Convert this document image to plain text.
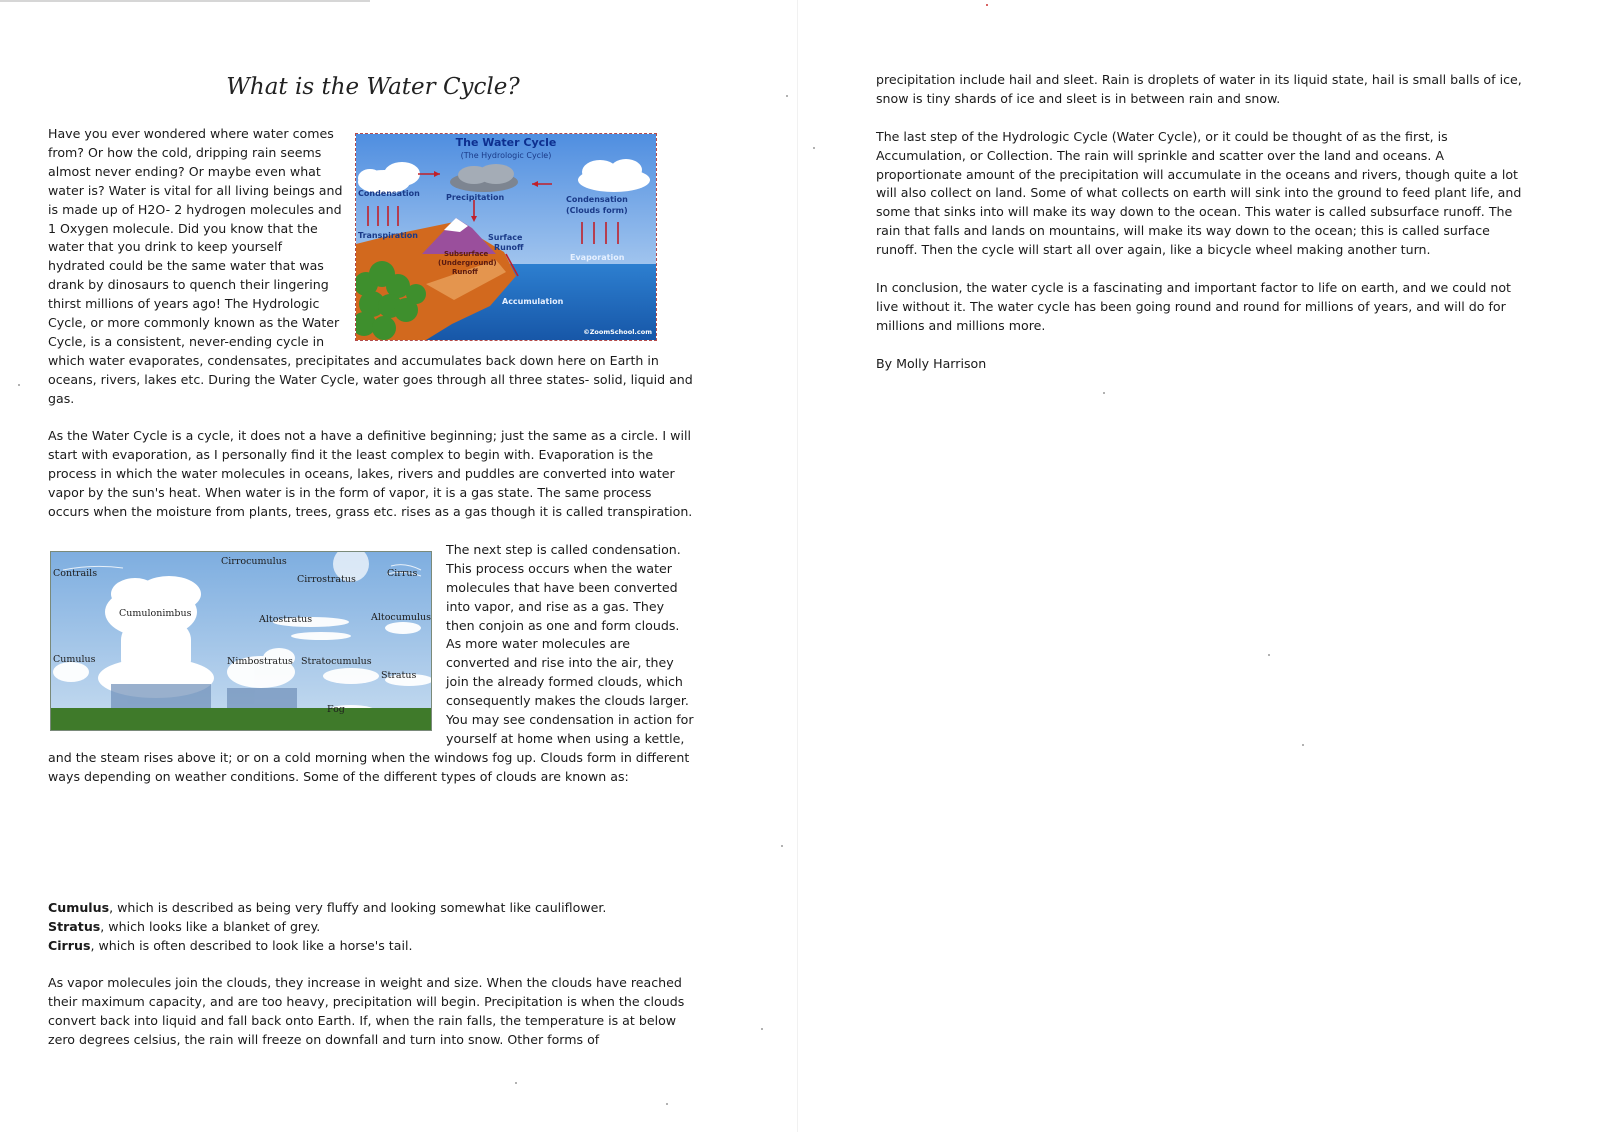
What is the Water Cycle?
The Water Cycle
(The Hydrologic Cycle)
Condensation	Precipitation	Condensation
(Clouds form)
Transpiration	Surface
Runoff
Subsurface
(Underground)
Runoff
Evaporation
Accumulation
©ZoomSchool.com

Have you ever wondered where water comes from? Or how the cold, dripping rain seems almost never ending? Or maybe even what water is? Water is vital for all living beings and is made up of H2O- 2 hydrogen molecules and 1 Oxygen molecule. Did you know that the water that you drink to keep yourself hydrated could be the same water that was drank by dinosaurs to quench their lingering thirst millions of years ago! The Hydrologic Cycle, or more commonly known as the Water Cycle, is a consistent, never-ending cycle in which water evaporates, condensates, precipitates and accumulates back down here on Earth in oceans, rivers, lakes etc. During the Water Cycle, water goes through all three states- solid, liquid and gas.

As the Water Cycle is a cycle, it does not a have a definitive beginning; just the same as a circle. I will start with evaporation, as I personally find it the least complex to begin with. Evaporation is the process in which the water molecules in oceans, lakes, rivers and puddles are converted into water vapor by the sun's heat. When water is in the form of vapor, it is a gas state. The same process occurs when the moisture from plants, trees, grass etc. rises as a gas though it is called transpiration.

Contrails
Cirrocumulus
Cirrostratus
Cirrus
Cumulonimbus
Altostratus	Altocumulus
Cumulus	Nimbostratus Stratocumulus
Stratus
Fog

The next step is called condensation. This process occurs when the water molecules that have been converted into vapor, and rise as a gas. They then conjoin as one and form clouds. As more water molecules are converted and rise into the air, they join the already formed clouds, which consequently makes the clouds larger. You may see condensation in action for yourself at home when using a kettle, and the steam rises above it; or on a cold morning when the windows fog up. Clouds form in different ways depending on weather conditions. Some of the different types of clouds are known as:

Cumulus, which is described as being very fluffy and looking somewhat like cauliflower.
Stratus, which looks like a blanket of grey.
Cirrus, which is often described to look like a horse's tail.

As vapor molecules join the clouds, they increase in weight and size. When the clouds have reached their maximum capacity, and are too heavy, precipitation will begin. Precipitation is when the clouds convert back into liquid and fall back onto Earth. If, when the rain falls, the temperature is at below zero degrees celsius, the rain will freeze on downfall and turn into snow. Other forms of

precipitation include hail and sleet. Rain is droplets of water in its liquid state, hail is small balls of ice, snow is tiny shards of ice and sleet is in between rain and snow.

The last step of the Hydrologic Cycle (Water Cycle), or it could be thought of as the first, is Accumulation, or Collection. The rain will sprinkle and scatter over the land and oceans. A proportionate amount of the precipitation will accumulate in the oceans and rivers, though quite a lot will also collect on land. Some of what collects on earth will sink into the ground to feed plant life, and some that sinks into will make its way down to the ocean. This water is called subsurface runoff. The rain that falls and lands on mountains, will make its way down to the ocean; this is called surface runoff. Then the cycle will start all over again, like a bicycle wheel making another turn.

In conclusion, the water cycle is a fascinating and important factor to life on earth, and we could not live without it. The water cycle has been going round and round for millions of years, and will do for millions and millions more.

By Molly Harrison
